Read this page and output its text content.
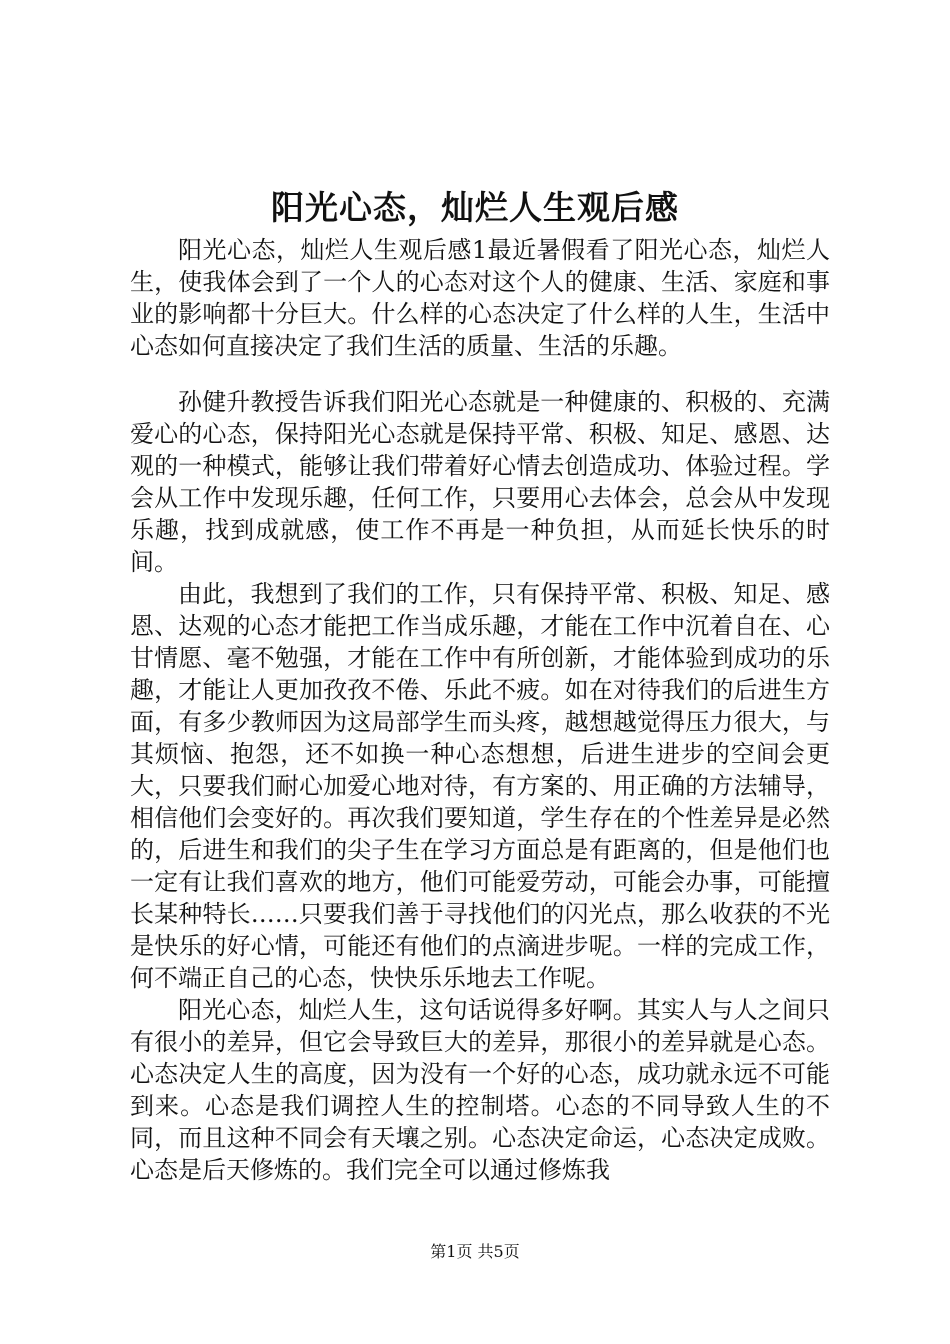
阳光心态，灿烂人生观后感

阳光心态，灿烂人生观后感1最近暑假看了阳光心态，灿烂人生，使我体会到了一个人的心态对这个人的健康、生活、家庭和事业的影响都十分巨大。什么样的心态决定了什么样的人生，生活中心态如何直接决定了我们生活的质量、生活的乐趣。

孙健升教授告诉我们阳光心态就是一种健康的、积极的、充满爱心的心态，保持阳光心态就是保持平常、积极、知足、感恩、达观的一种模式，能够让我们带着好心情去创造成功、体验过程。学会从工作中发现乐趣，任何工作，只要用心去体会，总会从中发现乐趣，找到成就感，使工作不再是一种负担，从而延长快乐的时间。

由此，我想到了我们的工作，只有保持平常、积极、知足、感恩、达观的心态才能把工作当成乐趣，才能在工作中沉着自在、心甘情愿、毫不勉强，才能在工作中有所创新，才能体验到成功的乐趣，才能让人更加孜孜不倦、乐此不疲。如在对待我们的后进生方面，有多少教师因为这局部学生而头疼，越想越觉得压力很大，与其烦恼、抱怨，还不如换一种心态想想，后进生进步的空间会更大，只要我们耐心加爱心地对待，有方案的、用正确的方法辅导，相信他们会变好的。再次我们要知道，学生存在的个性差异是必然的，后进生和我们的尖子生在学习方面总是有距离的，但是他们也一定有让我们喜欢的地方，他们可能爱劳动，可能会办事，可能擅长某种特长……只要我们善于寻找他们的闪光点，那么收获的不光是快乐的好心情，可能还有他们的点滴进步呢。一样的完成工作，何不端正自己的心态，快快乐乐地去工作呢。

阳光心态，灿烂人生，这句话说得多好啊。其实人与人之间只有很小的差异，但它会导致巨大的差异，那很小的差异就是心态。心态决定人生的高度，因为没有一个好的心态，成功就永远不可能到来。心态是我们调控人生的控制塔。心态的不同导致人生的不同，而且这种不同会有天壤之别。心态决定命运，心态决定成败。心态是后天修炼的。我们完全可以通过修炼我

第1页 共5页
